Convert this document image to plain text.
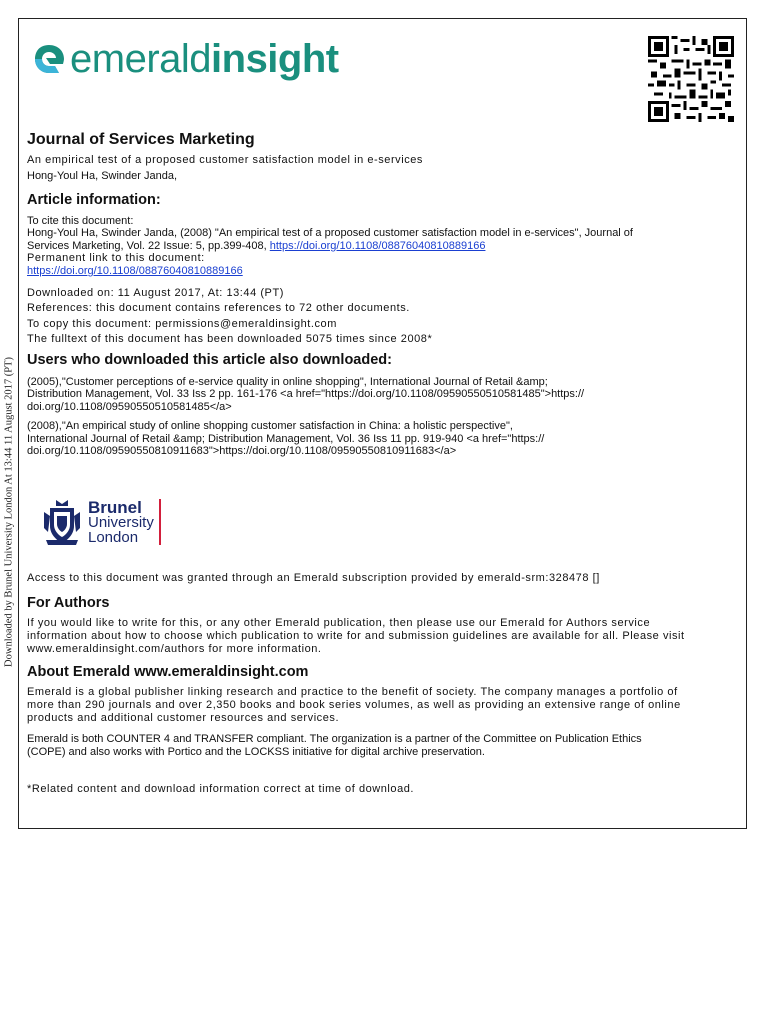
Downloaded by Brunel University London At 13:44 11 August 2017 (PT)
emeraldinsight

Journal of Services Marketing

An empirical test of a proposed customer satisfaction model in e-services

Hong-Youl Ha, Swinder Janda,

Article information:

To cite this document:

Hong-Youl Ha, Swinder Janda, (2008) "An empirical test of a proposed customer satisfaction model in e-services", Journal of

Services Marketing, Vol. 22 Issue: 5, pp.399-408, https://doi.org/10.1108/08876040810889166

Permanent link to this document:

https://doi.org/10.1108/08876040810889166

Downloaded on: 11 August 2017, At: 13:44 (PT)

References: this document contains references to 72 other documents.

To copy this document: permissions@emeraldinsight.com

The fulltext of this document has been downloaded 5075 times since 2008*

Users who downloaded this article also downloaded:

(2005),"Customer perceptions of e-service quality in online shopping", International Journal of Retail &amp;

Distribution Management, Vol. 33 Iss 2 pp. 161-176 <a href="https://doi.org/10.1108/09590550510581485">https://

doi.org/10.1108/09590550510581485</a>

(2008),"An empirical study of online shopping customer satisfaction in China: a holistic perspective",

International Journal of Retail &amp; Distribution Management, Vol. 36 Iss 11 pp. 919-940 <a href="https://

doi.org/10.1108/09590550810911683">https://doi.org/10.1108/09590550810911683</a>

Brunel
University
London

Access to this document was granted through an Emerald subscription provided by emerald-srm:328478 []

For Authors

If you would like to write for this, or any other Emerald publication, then please use our Emerald for Authors service

information about how to choose which publication to write for and submission guidelines are available for all. Please visit

www.emeraldinsight.com/authors for more information.

About Emerald www.emeraldinsight.com

Emerald is a global publisher linking research and practice to the benefit of society. The company manages a portfolio of

more than 290 journals and over 2,350 books and book series volumes, as well as providing an extensive range of online

products and additional customer resources and services.

Emerald is both COUNTER 4 and TRANSFER compliant. The organization is a partner of the Committee on Publication Ethics

(COPE) and also works with Portico and the LOCKSS initiative for digital archive preservation.

*Related content and download information correct at time of download.
